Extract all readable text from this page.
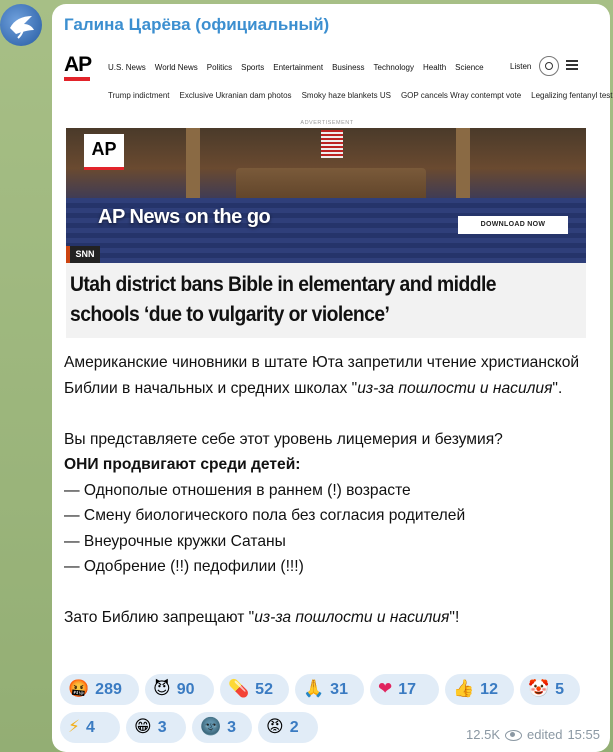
Галина Царёва (официальный)
AP U.S. News World News Politics Sports Entertainment Business Technology Health Science	Listen
Trump indictment Exclusive Ukranian dam photos Smoky haze blankets US GOP cancels Wray contempt vote Legalizing fentanyl test
ADVERTISEMENT
AP
AP News on the go	DOWNLOAD NOW
SNN
Utah district bans Bible in elementary and middle schools ‘due to vulgarity or violence’

Американские чиновники в штате Юта запретили чтение христианской Библии в начальных и средних школах "из-за пошлости и насилия".

Вы представляете себе этот уровень лицемерия и безумия?

ОНИ продвигают среди детей:

— Однополые отношения в раннем (!) возрасте

— Смену биологического пола без согласия родителей

— Внеурочные кружки Сатаны

— Одобрение (!!) педофилии (!!!)

Зато Библию запрещают "из-за пошлости и насилия"!

🤬 289 😈 90 💊 52 🙏 31 ❤ 17 👍 12 🤡 5
⚡ 4 😁 3 🌚 3 😡 2	12.5K edited 15:55
